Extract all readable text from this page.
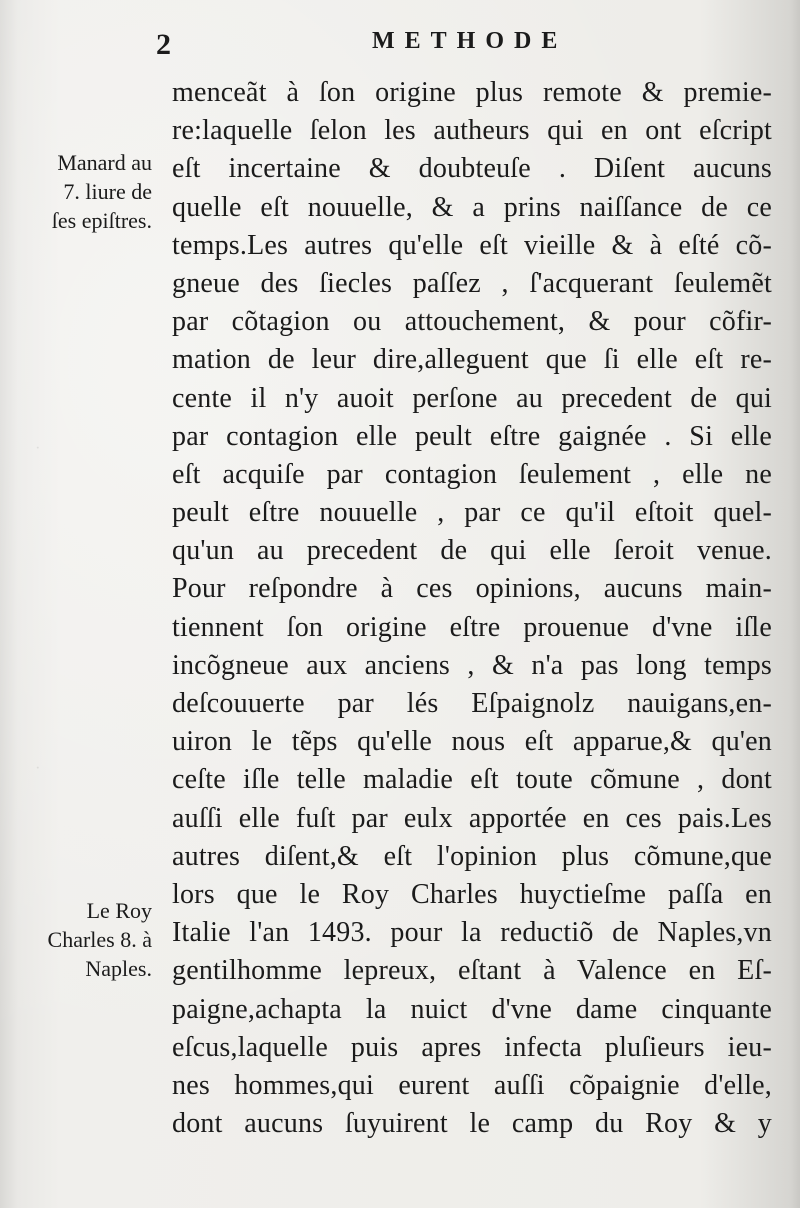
2	METHODE
·
·
Manard au
7. liure de
ſes epiſtres.
Le Roy
Charles 8. à
Naples.
menceãt à ſon origine plus remote & premie-
re:laquelle ſelon les autheurs qui en ont eſcript
eſt incertaine & doubteuſe . Diſent aucuns
quelle eſt nouuelle, & a prins naiſſance de ce
temps.Les autres qu'elle eſt vieille & à eſté cõ-
gneue des ſiecles paſſez , ſ'acquerant ſeulemẽt
par cõtagion ou attouchement, & pour cõfir-
mation de leur dire,alleguent que ſi elle eſt re-
cente il n'y auoit perſone au precedent de qui
par contagion elle peult eſtre gaignée . Si elle
eſt acquiſe par contagion ſeulement , elle ne
peult eſtre nouuelle , par ce qu'il eſtoit quel-
qu'un au precedent de qui elle ſeroit venue.
Pour reſpondre à ces opinions, aucuns main-
tiennent ſon origine eſtre prouenue d'vne iſle
incõgneue aux anciens , & n'a pas long temps
deſcouuerte par lés Eſpaignolz nauigans,en-
uiron le tẽps qu'elle nous eſt apparue,& qu'en
ceſte iſle telle maladie eſt toute cõmune , dont
auſſi elle fuſt par eulx apportée en ces pais.Les
autres diſent,& eſt l'opinion plus cõmune,que
lors que le Roy Charles huyctieſme paſſa en
Italie l'an 1493. pour la reductiõ de Naples,vn
gentilhomme lepreux, eſtant à Valence en Eſ-
paigne,achapta la nuict d'vne dame cinquante
eſcus,laquelle puis apres infecta pluſieurs ieu-
nes hommes,qui eurent auſſi cõpaignie d'elle,
dont aucuns ſuyuirent le camp du Roy & y
